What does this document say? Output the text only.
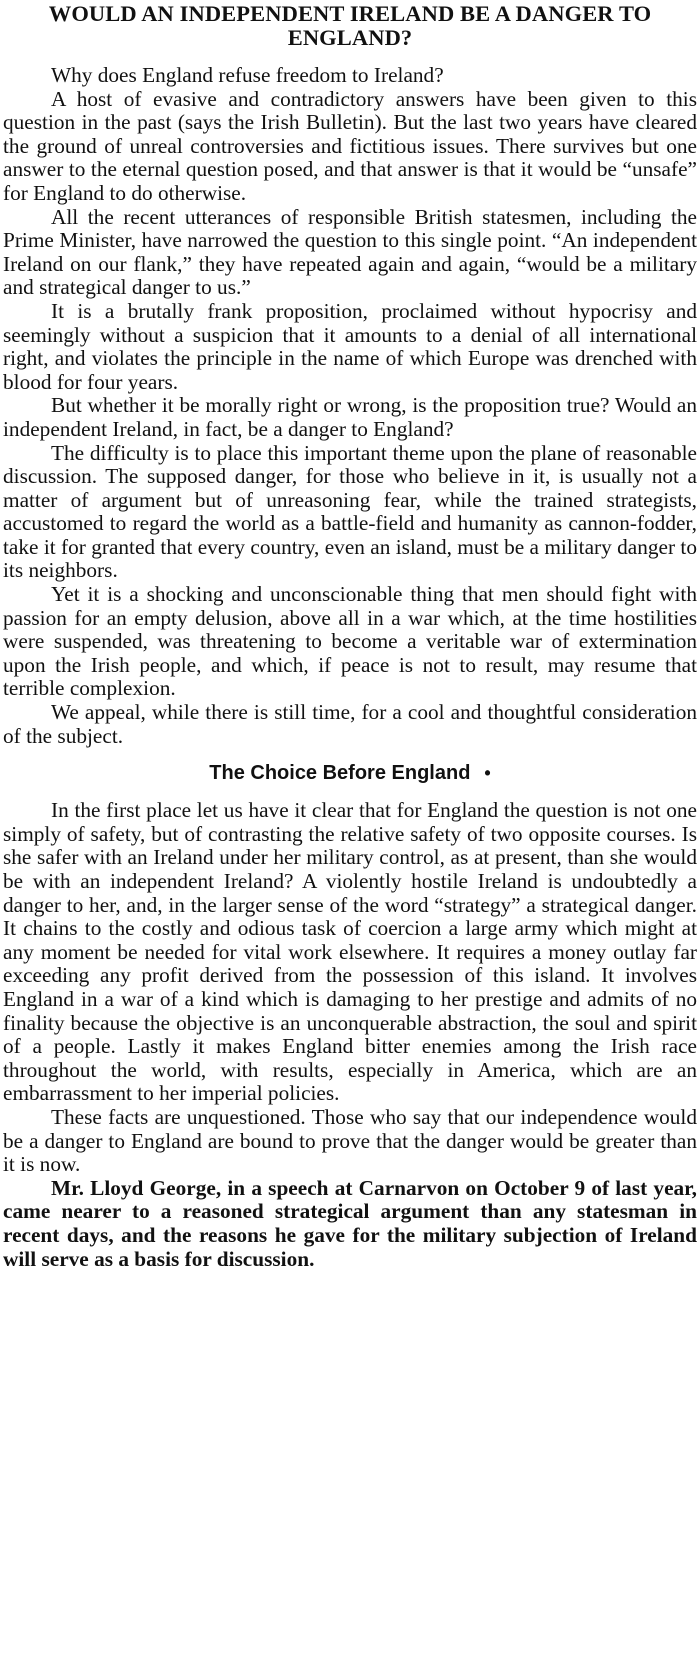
WOULD AN INDEPENDENT IRELAND BE A DANGER TO ENGLAND?

Why does England refuse freedom to Ireland?

A host of evasive and contradictory answers have been given to this question in the past (says the Irish Bulletin). But the last two years have cleared the ground of unreal controversies and fictitious issues. There survives but one answer to the eternal question posed, and that answer is that it would be “unsafe” for England to do otherwise.

All the recent utterances of responsible British statesmen, including the Prime Minister, have narrowed the question to this single point. “An independent Ireland on our flank,” they have repeated again and again, “would be a military and strategical danger to us.”

It is a brutally frank proposition, proclaimed without hypocrisy and seemingly without a suspicion that it amounts to a denial of all international right, and violates the principle in the name of which Europe was drenched with blood for four years.

But whether it be morally right or wrong, is the proposition true? Would an independent Ireland, in fact, be a danger to England?

The difficulty is to place this important theme upon the plane of reasonable discussion. The supposed danger, for those who believe in it, is usually not a matter of argument but of unreasoning fear, while the trained strategists, accustomed to regard the world as a battle-field and humanity as cannon-fodder, take it for granted that every country, even an island, must be a military danger to its neighbors.

Yet it is a shocking and unconscionable thing that men should fight with passion for an empty delusion, above all in a war which, at the time hostilities were suspended, was threatening to become a veritable war of extermination upon the Irish people, and which, if peace is not to result, may resume that terrible complexion.

We appeal, while there is still time, for a cool and thoughtful consideration of the subject.

The Choice Before England •

In the first place let us have it clear that for England the question is not one simply of safety, but of contrasting the relative safety of two opposite courses. Is she safer with an Ireland under her military control, as at present, than she would be with an independent Ireland? A violently hostile Ireland is undoubtedly a danger to her, and, in the larger sense of the word “strategy” a strategical danger. It chains to the costly and odious task of coercion a large army which might at any moment be needed for vital work elsewhere. It requires a money outlay far exceeding any profit derived from the possession of this island. It involves England in a war of a kind which is damaging to her prestige and admits of no finality because the objective is an unconquerable abstraction, the soul and spirit of a people. Lastly it makes England bitter enemies among the Irish race throughout the world, with results, especially in America, which are an embarrassment to her imperial policies.

These facts are unquestioned. Those who say that our independence would be a danger to England are bound to prove that the danger would be greater than it is now.

Mr. Lloyd George, in a speech at Carnarvon on October 9 of last year, came nearer to a reasoned strategical argument than any statesman in recent days, and the reasons he gave for the military subjection of Ireland will serve as a basis for discussion.
